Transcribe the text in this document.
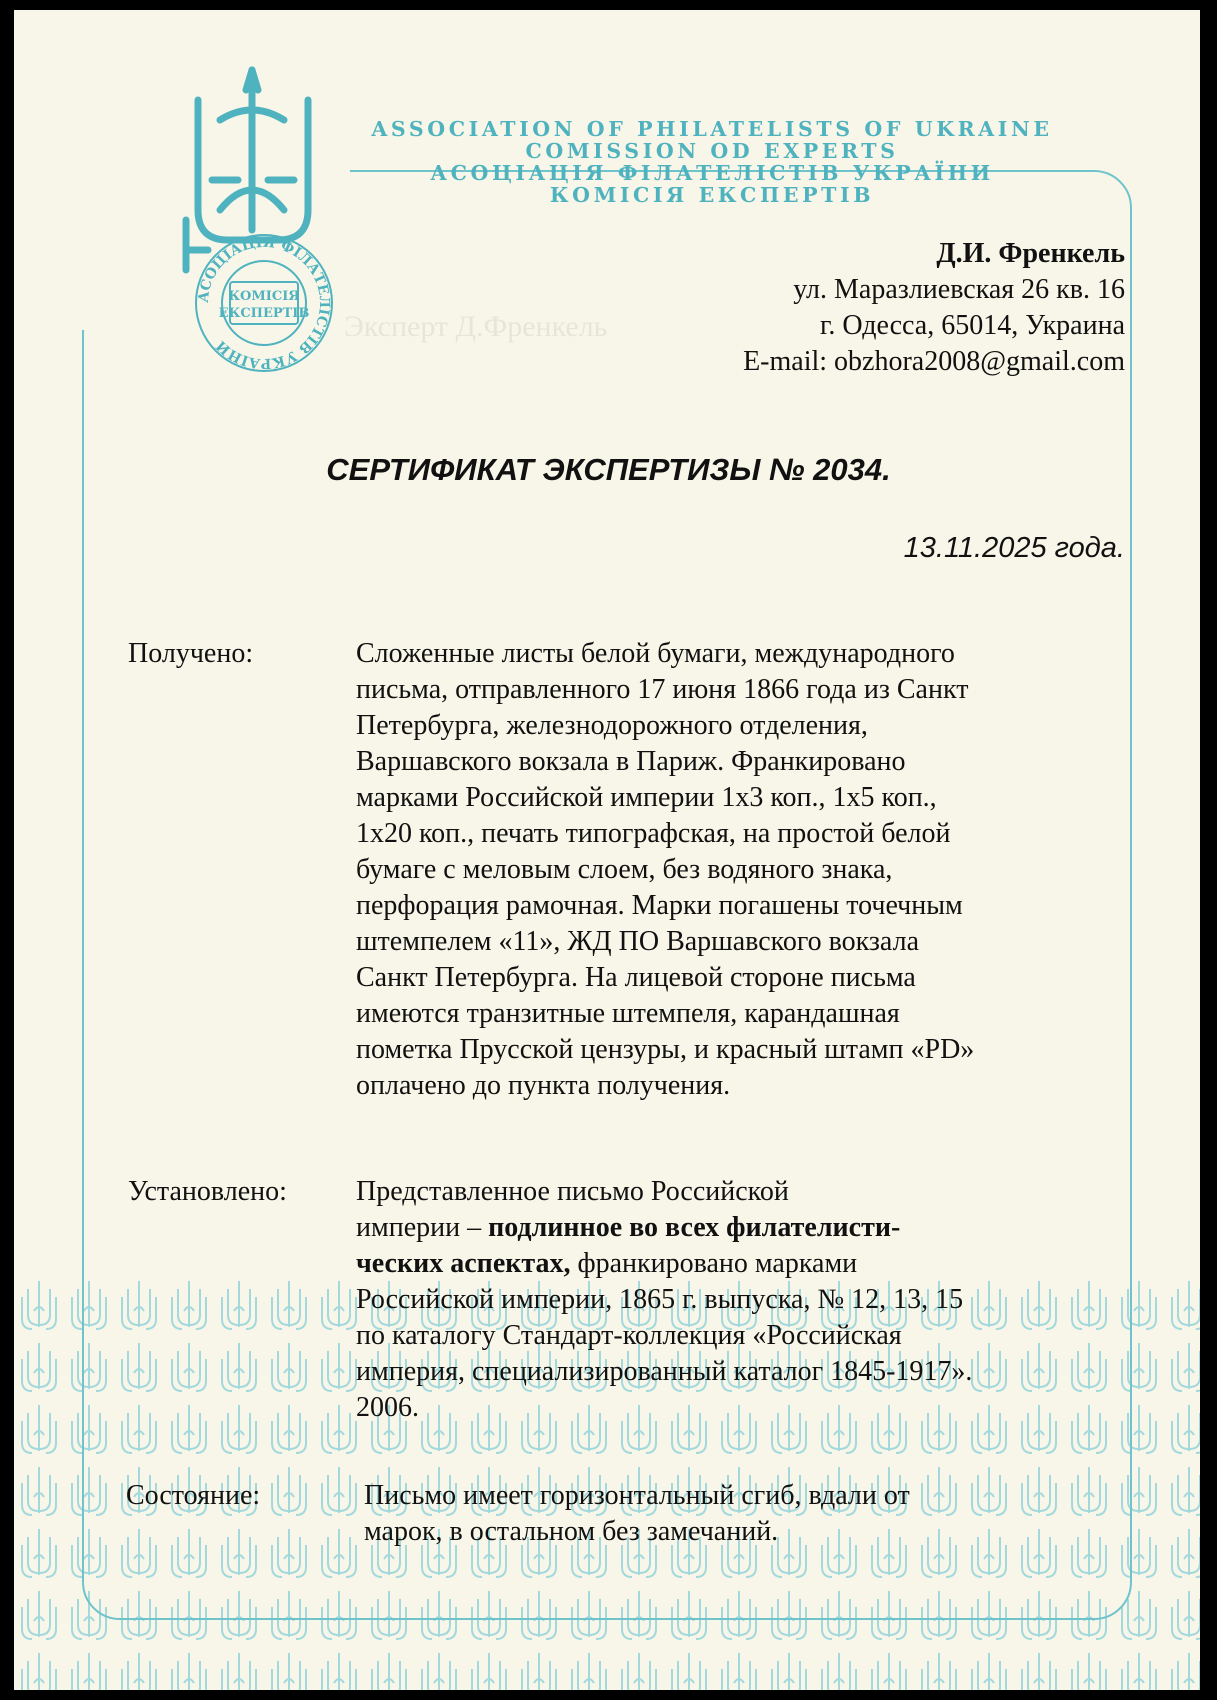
Эксперт Д.Френкель
АСОЦІАЦІЯ ФІЛАТЕЛІСТІВ УКРАЇНИ
КОМІСІЯ
ЕКСПЕРТІВ
ASSOCIATION OF PHILATELISTS OF UKRAINE
COMISSION OD EXPERTS
АСОЦІАЦІЯ ФІЛАТЕЛІСТІВ УКРАЇНИ
КОМІСІЯ ЕКСПЕРТІВ
Д.И. Френкель
ул. Маразлиевская 26 кв. 16
г. Одесса, 65014, Украина
E-mail: obzhora2008@gmail.com
СЕРТИФИКАТ ЭКСПЕРТИЗЫ № 2034.
13.11.2025 года.
Получено:	Сложенные листы белой бумаги, международного
письма, отправленного 17 июня 1866 года из Санкт
Петербурга, железнодорожного отделения,
Варшавского вокзала в Париж. Франкировано
марками Российской империи 1x3 коп., 1x5 коп.,
1x20 коп., печать типографская, на простой белой
бумаге с меловым слоем, без водяного знака,
перфорация рамочная. Марки погашены точечным
штемпелем «11», ЖД ПО Варшавского вокзала
Санкт Петербурга. На лицевой стороне письма
имеются транзитные штемпеля, карандашная
пометка Прусской цензуры, и красный штамп «PD»
оплачено до пункта получения.
Установлено: Представленное письмо Российской
империи – подлинное во всех филателисти-
ческих аспектах, франкировано марками
Российской империи, 1865 г. выпуска, № 12, 13, 15
по каталогу Стандарт-коллекция «Российская
империя, специализированный каталог 1845-1917».
2006.
Состояние:	Письмо имеет горизонтальный сгиб, вдали от
марок, в остальном без замечаний.
